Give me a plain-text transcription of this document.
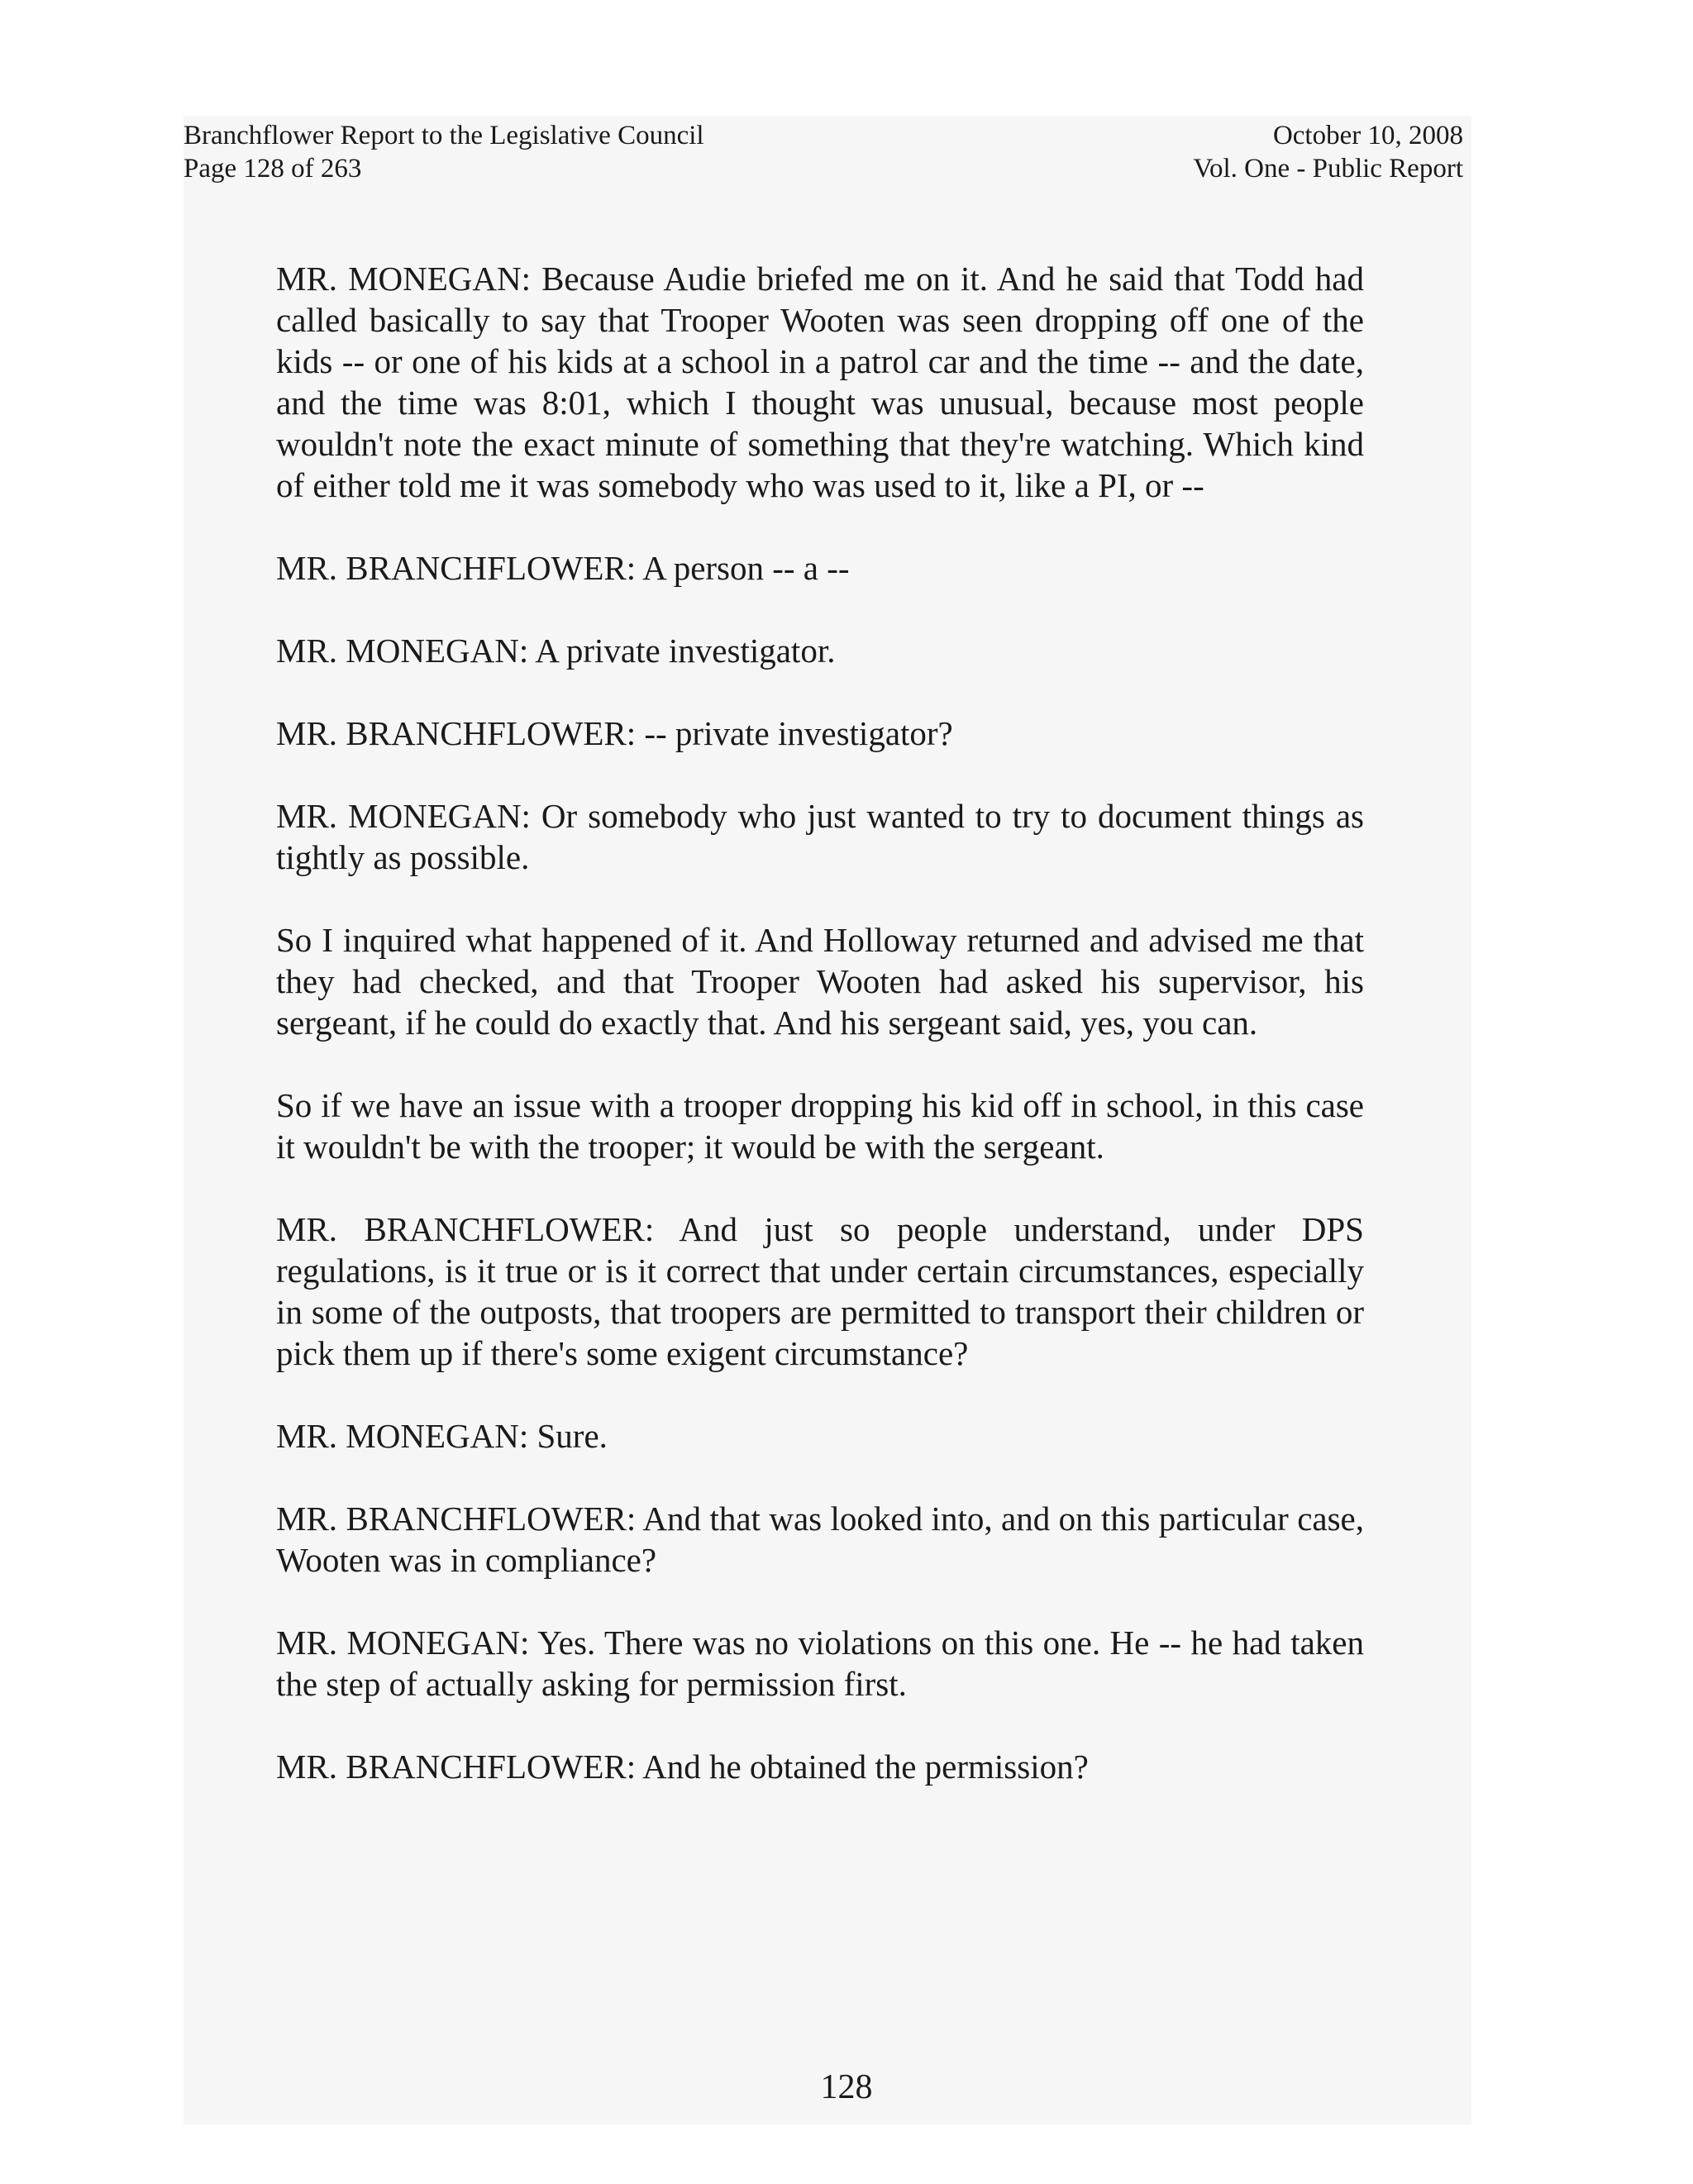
Branchflower Report to the Legislative Council
Page 128 of 263
October 10, 2008
Vol. One - Public Report

MR. MONEGAN: Because Audie briefed me on it. And he said that Todd had called basically to say that Trooper Wooten was seen dropping off one of the kids -- or one of his kids at a school in a patrol car and the time -- and the date, and the time was 8:01, which I thought was unusual, because most people wouldn't note the exact minute of something that they're watching. Which kind of either told me it was somebody who was used to it, like a PI, or --

MR. BRANCHFLOWER: A person -- a --

MR. MONEGAN: A private investigator.

MR. BRANCHFLOWER: -- private investigator?

MR. MONEGAN: Or somebody who just wanted to try to document things as tightly as possible.

So I inquired what happened of it. And Holloway returned and advised me that they had checked, and that Trooper Wooten had asked his supervisor, his sergeant, if he could do exactly that. And his sergeant said, yes, you can.

So if we have an issue with a trooper dropping his kid off in school, in this case it wouldn't be with the trooper; it would be with the sergeant.

MR. BRANCHFLOWER: And just so people understand, under DPS regulations, is it true or is it correct that under certain circumstances, especially in some of the outposts, that troopers are permitted to transport their children or pick them up if there's some exigent circumstance?

MR. MONEGAN: Sure.

MR. BRANCHFLOWER: And that was looked into, and on this particular case, Wooten was in compliance?

MR. MONEGAN: Yes. There was no violations on this one. He -- he had taken the step of actually asking for permission first.

MR. BRANCHFLOWER: And he obtained the permission?

128
